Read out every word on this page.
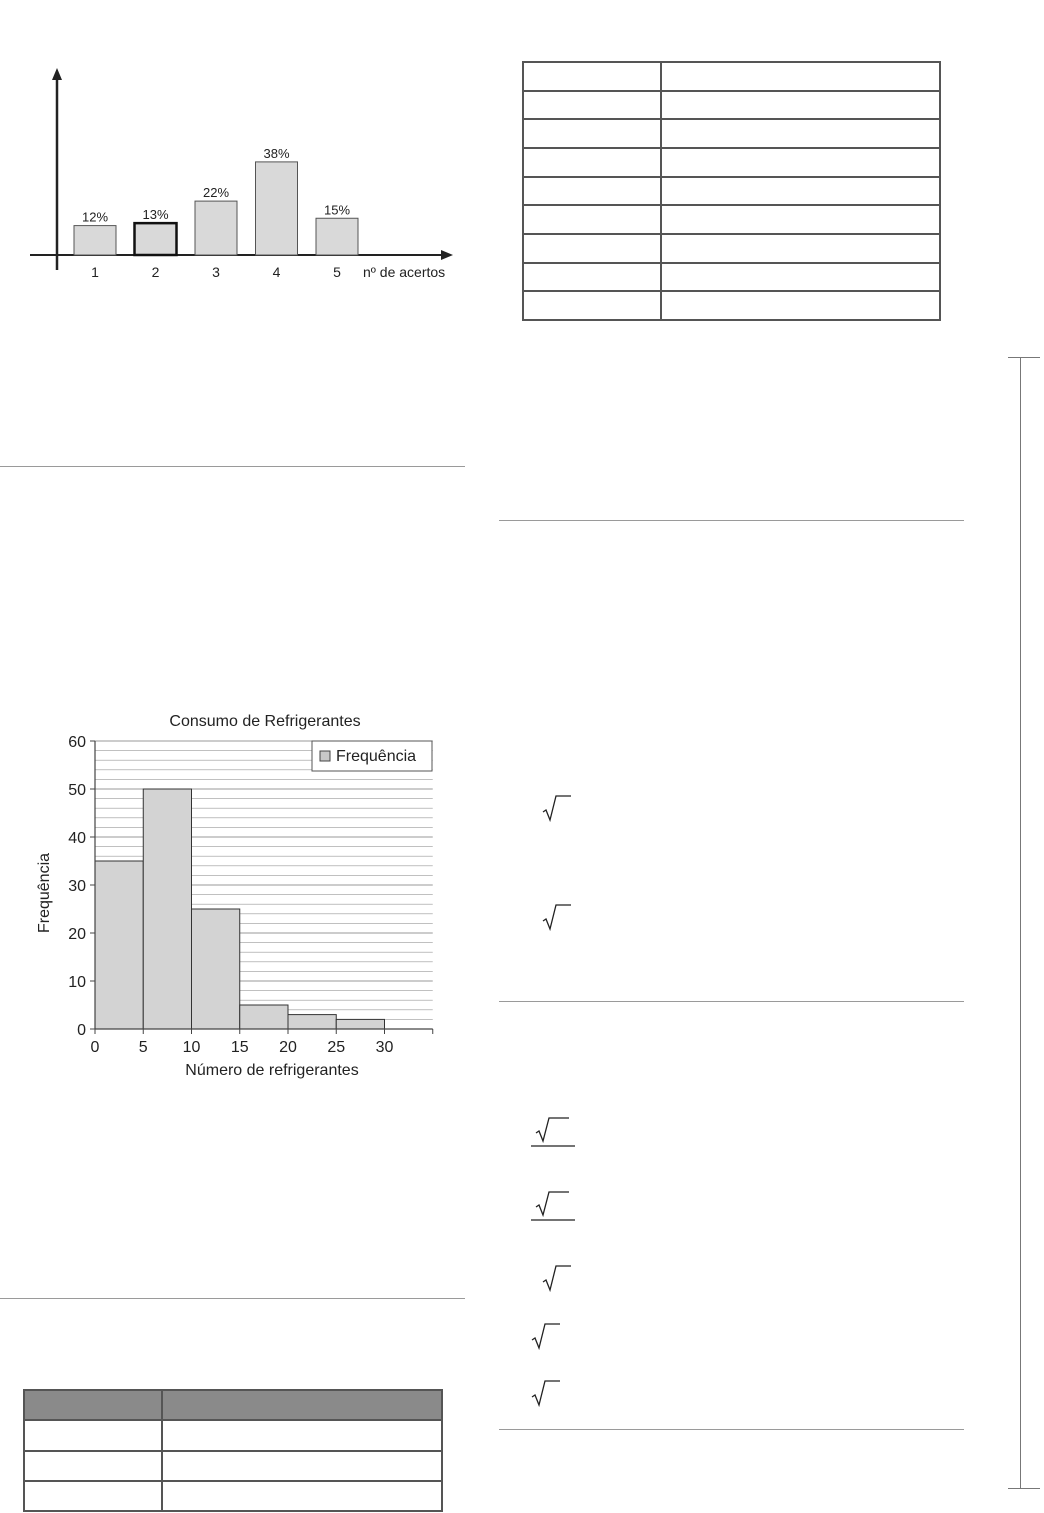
12%	13%
22%
38%
15%
1	2	3	4	5 nº de acertos

Consumo de Refrigerantes
0
10
20
30
40
50
60
0 5 10 15 20 25 30
Frequência
Frequência
Número de refrigerantes
